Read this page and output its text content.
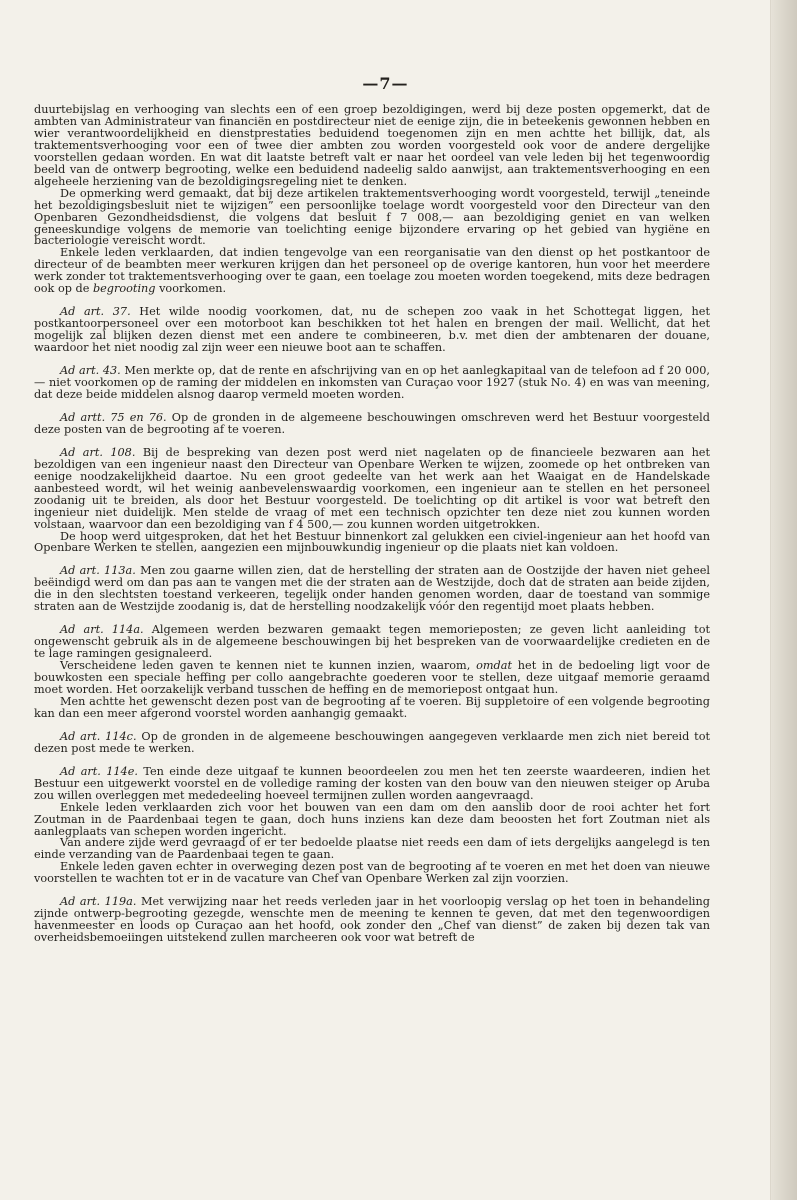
—7—

duurtebijslag en verhooging van slechts een of een groep bezoldigingen, werd bij deze posten opgemerkt, dat de ambten van Administrateur van financiën en postdirecteur niet de eenige zijn, die in beteekenis gewonnen hebben en wier verantwoordelijkheid en dienstprestaties beduidend toegenomen zijn en men achtte het billijk, dat, als traktementsverhooging voor een of twee dier ambten zou worden voorgesteld ook voor de andere dergelijke voorstellen gedaan worden. En wat dit laatste betreft valt er naar het oordeel van vele leden bij het tegenwoordig beeld van de ontwerp begrooting, welke een beduidend nadeelig saldo aanwijst, aan traktementsverhooging en een algeheele herziening van de bezoldigingsregeling niet te denken.

De opmerking werd gemaakt, dat bij deze artikelen traktementsverhooging wordt voorgesteld, terwijl „teneinde het bezoldigingsbesluit niet te wijzigen” een persoonlijke toelage wordt voorgesteld voor den Directeur van den Openbaren Gezondheidsdienst, die volgens dat besluit f 7 008,— aan bezoldiging geniet en van welken geneeskundige volgens de memorie van toelichting eenige bijzondere ervaring op het gebied van hygiëne en bacteriologie vereischt wordt.

Enkele leden verklaarden, dat indien tengevolge van een reorganisatie van den dienst op het postkantoor de directeur of de beambten meer werkuren krijgen dan het personeel op de overige kantoren, hun voor het meerdere werk zonder tot traktementsverhooging over te gaan, een toelage zou moeten worden toegekend, mits deze bedragen ook op de begrooting voorkomen.

Ad art. 37. Het wilde noodig voorkomen, dat, nu de schepen zoo vaak in het Schottegat liggen, het postkantoorpersoneel over een motorboot kan beschikken tot het halen en brengen der mail. Wellicht, dat het mogelijk zal blijken dezen dienst met een andere te combineeren, b.v. met dien der ambtenaren der douane, waardoor het niet noodig zal zijn weer een nieuwe boot aan te schaffen.

Ad art. 43. Men merkte op, dat de rente en afschrijving van en op het aanlegkapitaal van de telefoon ad f 20 000,— niet voorkomen op de raming der middelen en inkomsten van Curaçao voor 1927 (stuk No. 4) en was van meening, dat deze beide middelen alsnog daarop vermeld moeten worden.

Ad artt. 75 en 76. Op de gronden in de algemeene beschouwingen omschreven werd het Bestuur voorgesteld deze posten van de begrooting af te voeren.

Ad art. 108. Bij de bespreking van dezen post werd niet nagelaten op de financieele bezwaren aan het bezoldigen van een ingenieur naast den Directeur van Openbare Werken te wijzen, zoomede op het ontbreken van eenige noodzakelijkheid daartoe. Nu een groot gedeelte van het werk aan het Waaigat en de Handelskade aanbesteed wordt, wil het weinig aanbevelenswaardig voorkomen, een ingenieur aan te stellen en het personeel zoodanig uit te breiden, als door het Bestuur voorgesteld. De toelichting op dit artikel is voor wat betreft den ingenieur niet duidelijk. Men stelde de vraag of met een technisch opzichter ten deze niet zou kunnen worden volstaan, waarvoor dan een bezoldiging van f 4 500,— zou kunnen worden uitgetrokken.

De hoop werd uitgesproken, dat het het Bestuur binnenkort zal gelukken een civiel-ingenieur aan het hoofd van Openbare Werken te stellen, aangezien een mijnbouwkundig ingenieur op die plaats niet kan voldoen.

Ad art. 113a. Men zou gaarne willen zien, dat de herstelling der straten aan de Oostzijde der haven niet geheel beëindigd werd om dan pas aan te vangen met die der straten aan de Westzijde, doch dat de straten aan beide zijden, die in den slechtsten toestand verkeeren, tegelijk onder handen genomen worden, daar de toestand van sommige straten aan de Westzijde zoodanig is, dat de herstelling noodzakelijk vóór den regentijd moet plaats hebben.

Ad art. 114a. Algemeen werden bezwaren gemaakt tegen memorieposten; ze geven licht aanleiding tot ongewenscht gebruik als in de algemeene beschouwingen bij het bespreken van de voorwaardelijke credieten en de te lage ramingen gesignaleerd.

Verscheidene leden gaven te kennen niet te kunnen inzien, waarom, omdat het in de bedoeling ligt voor de bouwkosten een speciale heffing per collo aangebrachte goederen voor te stellen, deze uitgaaf memorie geraamd moet worden. Het oorzakelijk verband tusschen de heffing en de memoriepost ontgaat hun.

Men achtte het gewenscht dezen post van de begrooting af te voeren. Bij suppletoire of een volgende begrooting kan dan een meer afgerond voorstel worden aanhangig gemaakt.

Ad art. 114c. Op de gronden in de algemeene beschouwingen aangegeven verklaarde men zich niet bereid tot dezen post mede te werken.

Ad art. 114e. Ten einde deze uitgaaf te kunnen beoordeelen zou men het ten zeerste waardeeren, indien het Bestuur een uitgewerkt voorstel en de volledige raming der kosten van den bouw van den nieuwen steiger op Aruba zou willen overleggen met mededeeling hoeveel termijnen zullen worden aangevraagd.

Enkele leden verklaarden zich voor het bouwen van een dam om den aanslib door de rooi achter het fort Zoutman in de Paardenbaai tegen te gaan, doch huns inziens kan deze dam beoosten het fort Zoutman niet als aanlegplaats van schepen worden ingericht.

Van andere zijde werd gevraagd of er ter bedoelde plaatse niet reeds een dam of iets dergelijks aangelegd is ten einde verzanding van de Paardenbaai tegen te gaan.

Enkele leden gaven echter in overweging dezen post van de begrooting af te voeren en met het doen van nieuwe voorstellen te wachten tot er in de vacature van Chef van Openbare Werken zal zijn voorzien.

Ad art. 119a. Met verwijzing naar het reeds verleden jaar in het voorloopig verslag op het toen in behandeling zijnde ontwerp-begrooting gezegde, wenschte men de meening te kennen te geven, dat met den tegenwoordigen havenmeester en loods op Curaçao aan het hoofd, ook zonder den „Chef van dienst” de zaken bij dezen tak van overheidsbemoeiingen uitstekend zullen marcheeren ook voor wat betreft de
